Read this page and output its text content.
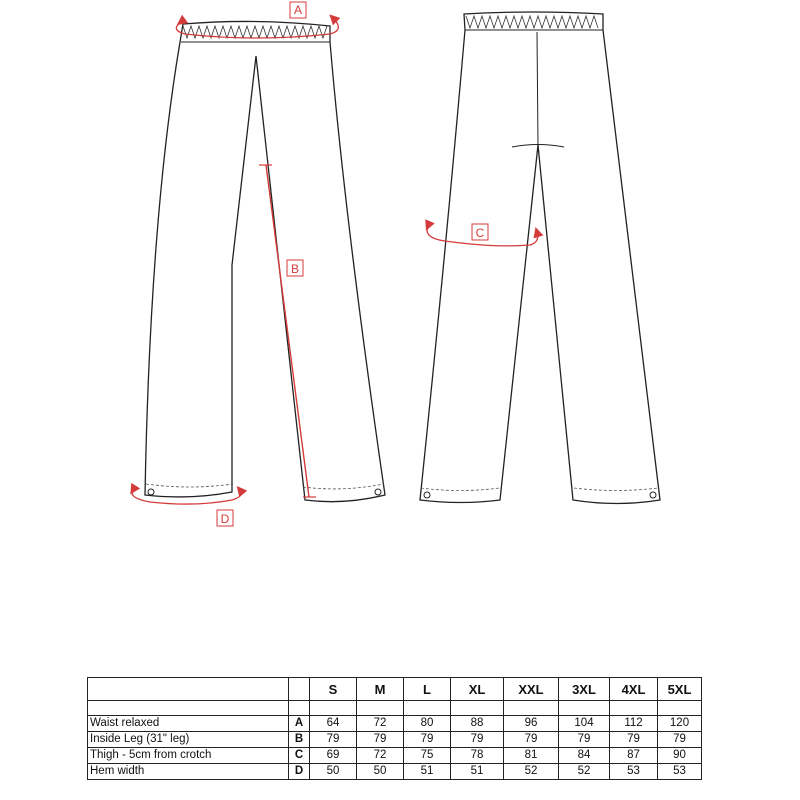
A
B
D
C
		S	M	L	XL	XXL	3XL	4XL	5XL

Waist relaxed	A	64	72	80	88	96	104	112	120
Inside Leg (31" leg)	B	79	79	79	79	79	79	79	79
Thigh - 5cm from crotch	C	69	72	75	78	81	84	87	90
Hem width	D	50	50	51	51	52	52	53	53
